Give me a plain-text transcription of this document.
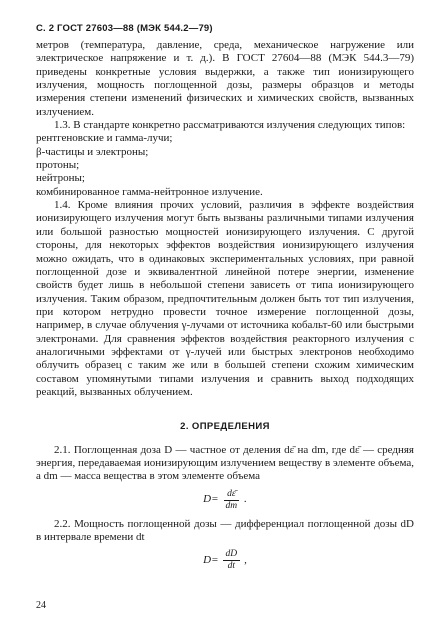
С. 2 ГОСТ 27603—88 (МЭК 544.2—79)

метров (температура, давление, среда, механическое нагружение или электрическое напряжение и т. д.). В ГОСТ 27604—88 (МЭК 544.3—79) приведены конкретные условия выдержки, а также тип ионизирующего излучения, мощность поглощенной дозы, размеры образцов и методы измерения степени изменений физических и химических свойств, вызванных излучением.

1.3. В стандарте конкретно рассматриваются излучения следующих типов:

рентгеновские и гамма-лучи;
β-частицы и электроны;
протоны;
нейтроны;
комбинированное гамма-нейтронное излучение.

1.4. Кроме влияния прочих условий, различия в эффекте воздействия ионизирующего излучения могут быть вызваны различными типами излучения или большой разностью мощностей ионизирующего излучения. С другой стороны, для некоторых эффектов воздействия ионизирующего излучения можно ожидать, что в одинаковых экспериментальных условиях, при равной поглощенной дозе и эквивалентной линейной потере энергии, изменение свойств будет лишь в небольшой степени зависеть от типа ионизирующего излучения. Таким образом, предпочтительным должен быть тот тип излучения, при котором нетрудно провести точное измерение поглощенной дозы, например, в случае облучения γ-лучами от источника кобальт-60 или быстрыми электронами. Для сравнения эффектов воздействия реакторного излучения с аналогичными эффектами от γ-лучей или быстрых электронов необходимо облучить образец с таким же или в большей степени схожим химическим составом упомянутыми типами излучения и сравнить выход подходящих реакций, вызванных облучением.

2. ОПРЕДЕЛЕНИЯ

2.1. Поглощенная доза D — частное от деления dε̄ на dm, где dε̄ — средняя энергия, передаваемая ионизирующим излучением веществу в элементе объема, а dm — масса вещества в этом элементе объема

$D= \frac{d\varepsilon̄}{dm}$ .

2.2. Мощность поглощенной дозы — дифференциал поглощенной дозы dD в интервале времени dt

$D= \frac{dD}{dt}$ ,
24
